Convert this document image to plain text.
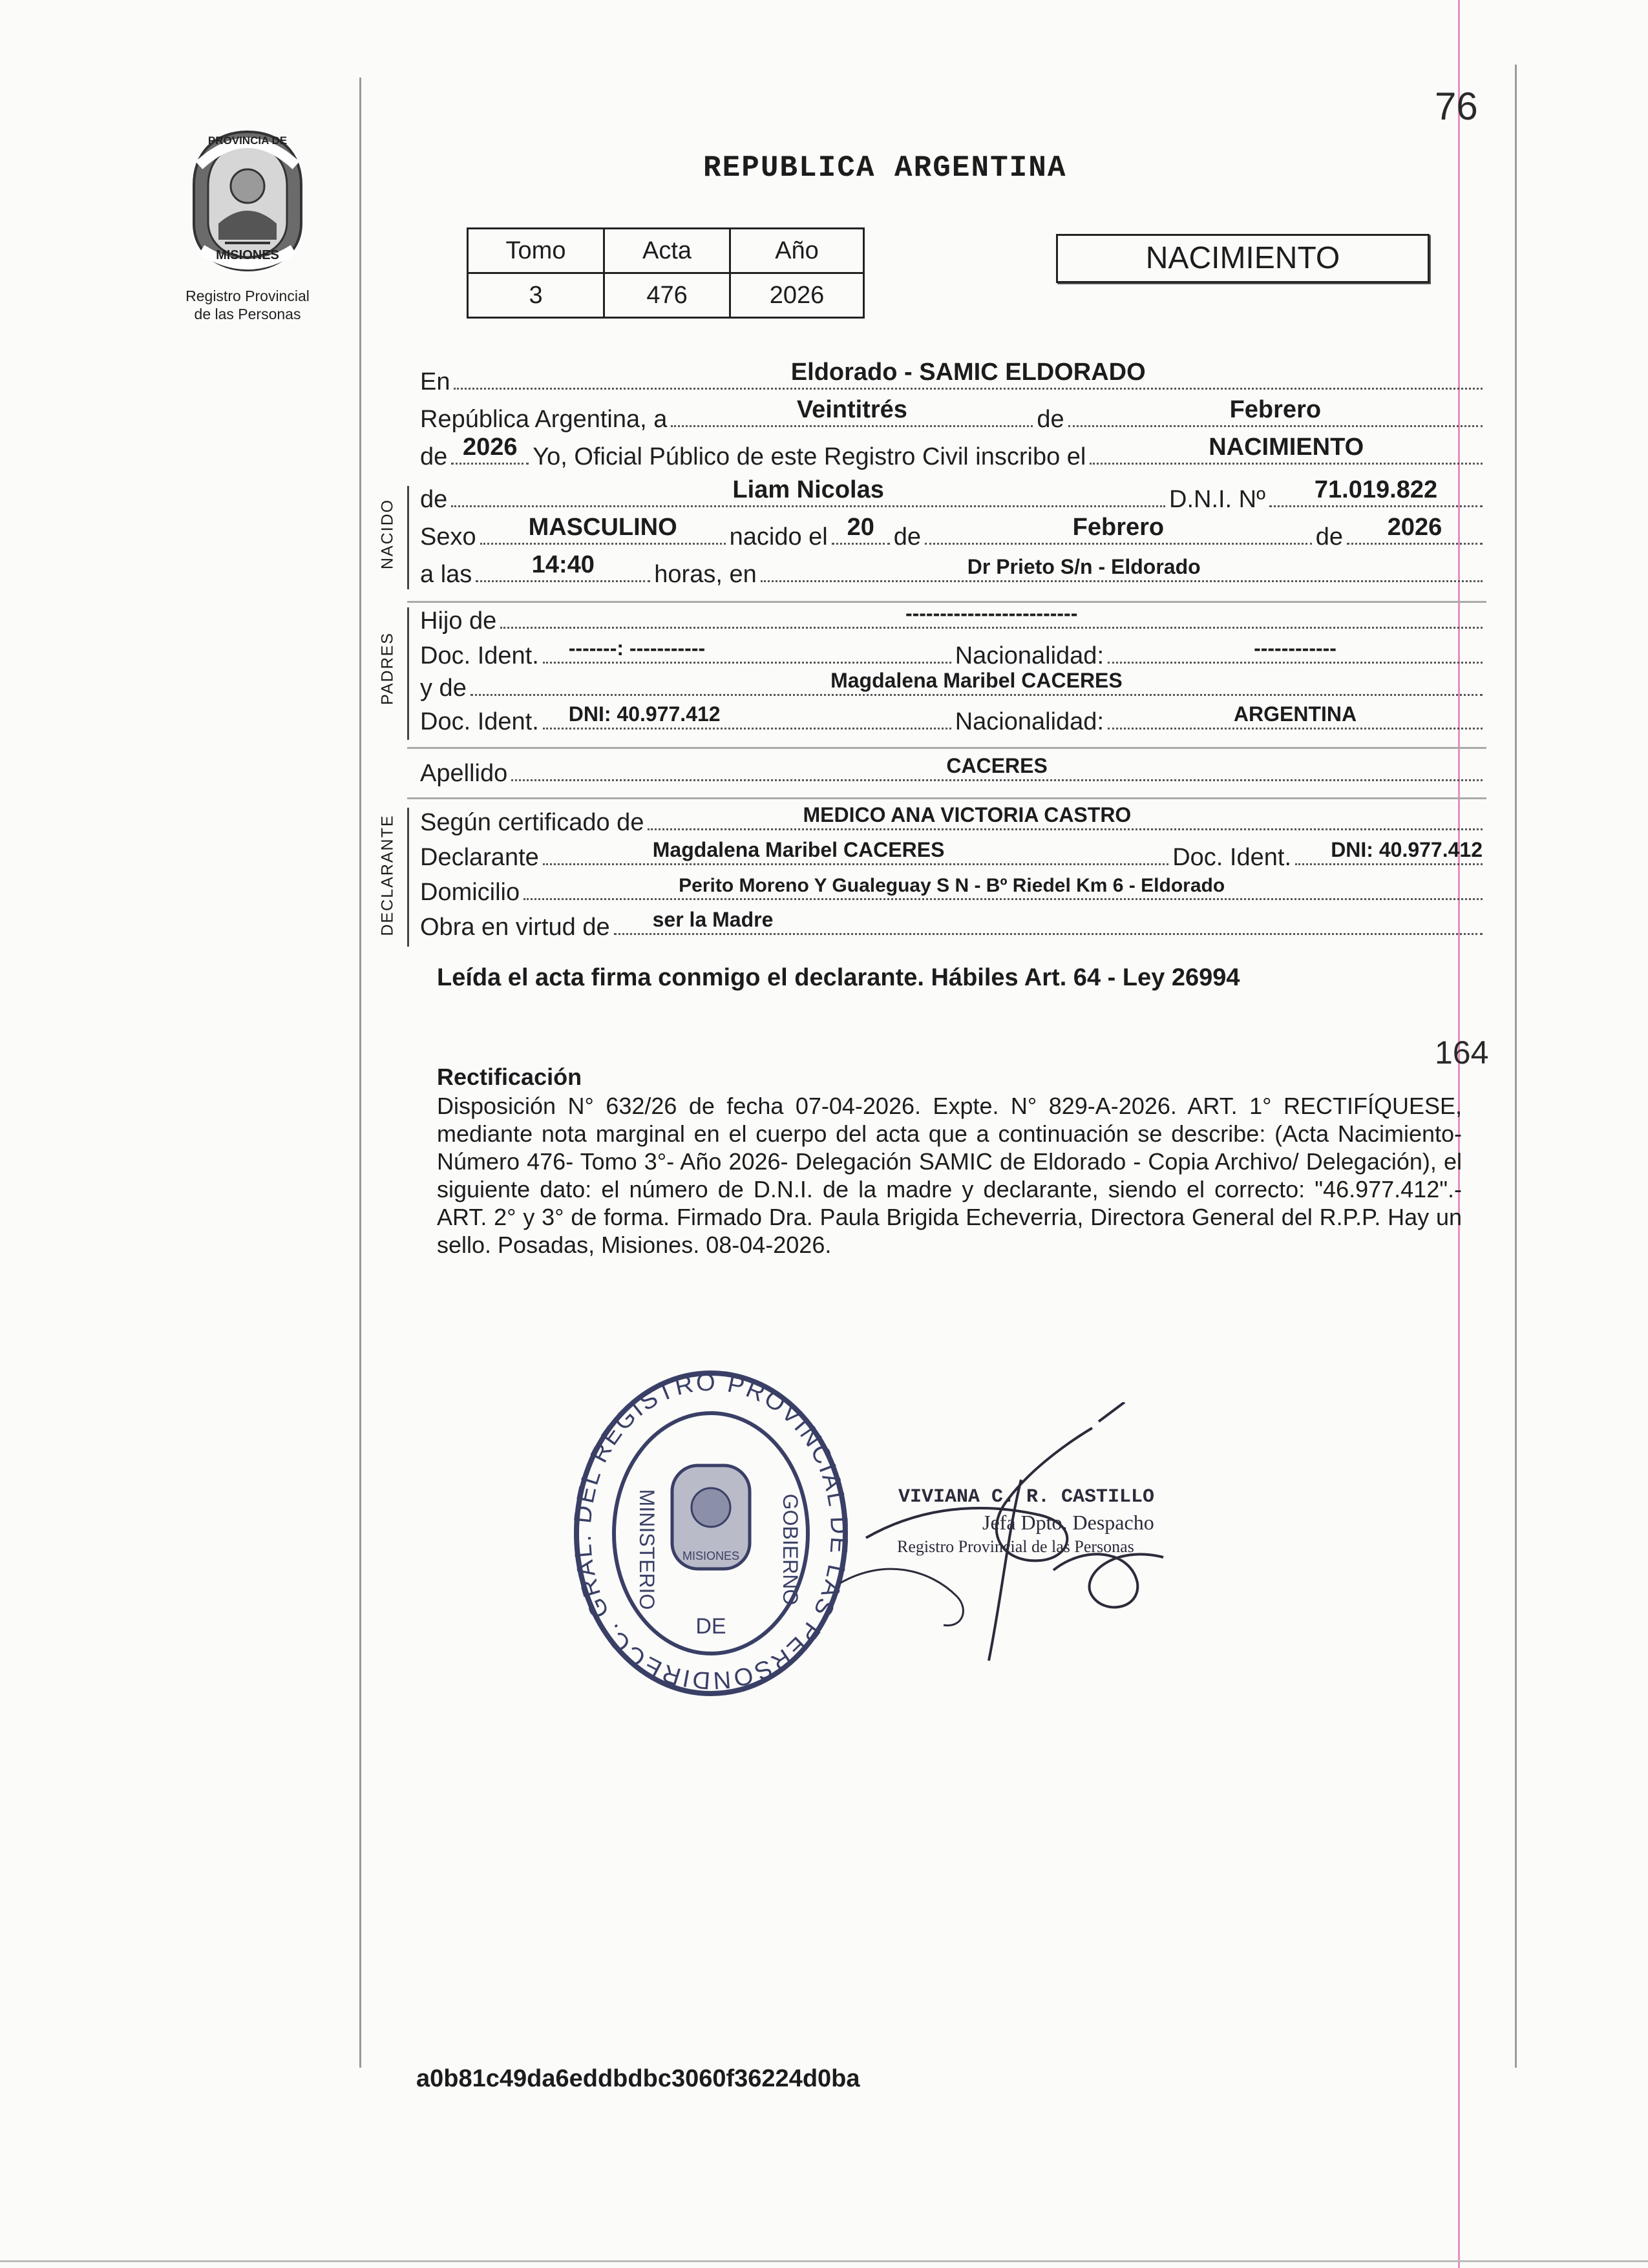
76
PROVINCIA DE
MISIONES
Registro Provincial
de las Personas
REPUBLICA ARGENTINA
Tomo	Acta	Año
3	476	2026
NACIMIENTO
En	Eldorado - SAMIC ELDORADO
República Argentina, a	Veintitrés	de	Febrero
de 2026 Yo, Oficial Público de este Registro Civil inscribo el	NACIMIENTO
NACIDO de	Liam Nicolas	D.N.I. Nº 71.019.822
Sexo MASCULINO nacido el 20 de	Febrero	de 2026
a las 14:40 horas, en	Dr Prieto S/n - Eldorado
PADRES
Hijo de	-------------------------
Doc. Ident. -------: -----------	Nacionalidad:	------------
y de	Magdalena Maribel CACERES
Doc. Ident. DNI: 40.977.412	Nacionalidad:	ARGENTINA
Apellido	CACERES
DECLARANTE Según certificado de	MEDICO ANA VICTORIA CASTRO
Declarante	Magdalena Maribel CACERES	Doc. Ident. DNI: 40.977.412
Domicilio	Perito Moreno Y Gualeguay S N - Bº Riedel Km 6 - Eldorado
Obra en virtud de ser la Madre
Leída el acta firma conmigo el declarante. Hábiles Art. 64 - Ley 26994
164
Rectificación
Disposición N° 632/26 de fecha 07-04-2026. Expte. N° 829-A-2026. ART. 1° RECTIFÍQUESE, mediante nota marginal en el cuerpo del acta que a continuación se describe: (Acta Nacimiento- Número 476- Tomo 3°- Año 2026- Delegación SAMIC de Eldorado - Copia Archivo/ Delegación), el siguiente dato: el número de D.N.I. de la madre y declarante, siendo el correcto: "46.977.412".- ART. 2° y 3° de forma. Firmado Dra. Paula Brigida Echeverria, Directora General del R.P.P. Hay un sello. Posadas, Misiones. 08-04-2026.
DIRECC. GRAL. DEL REGISTRO PROVINCIAL DE LAS PERSON
MISIONES
MINISTERIO
DE
GOBIERNO	VIVIANA C. R. CASTILLO
Jefa Dpto. Despacho
Registro Provincial de las Personas
a0b81c49da6eddbdbc3060f36224d0ba
